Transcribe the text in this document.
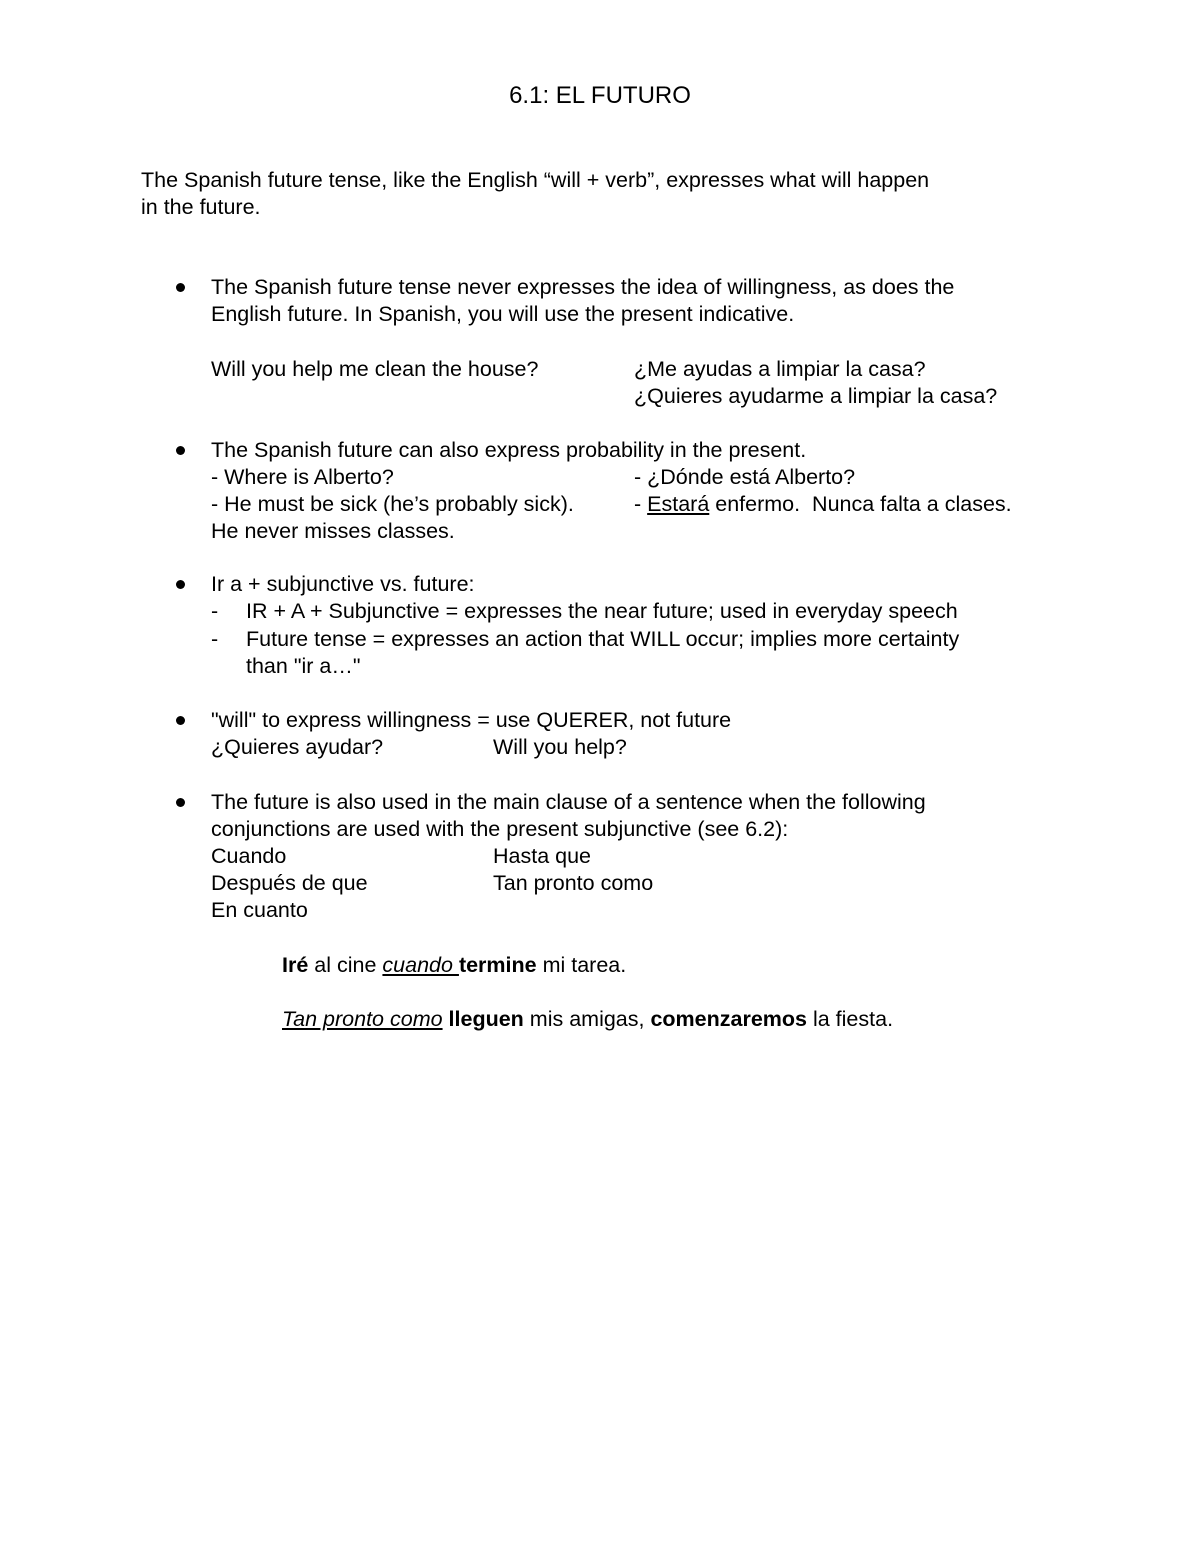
6.1: EL FUTURO
The Spanish future tense, like the English “will + verb”, expresses what will happen
in the future.
The Spanish future tense never expresses the idea of willingness, as does the
English future. In Spanish, you will use the present indicative.
Will you help me clean the house?	¿Me ayudas a limpiar la casa?
¿Quieres ayudarme a limpiar la casa?
The Spanish future can also express probability in the present.
- Where is Alberto?	- ¿Dónde está Alberto?
- He must be sick (he’s probably sick).	- Estará enfermo.  Nunca falta a clases.
He never misses classes.
Ir a + subjunctive vs. future:
- IR + A + Subjunctive = expresses the near future; used in everyday speech
- Future tense = expresses an action that WILL occur; implies more certainty
than "ir a…"
"will" to express willingness = use QUERER, not future
¿Quieres ayudar?	Will you help?
The future is also used in the main clause of a sentence when the following
conjunctions are used with the present subjunctive (see 6.2):
Cuando	Hasta que
Después de que	Tan pronto como
En cuanto
Iré al cine cuando termine mi tarea.
Tan pronto como lleguen mis amigas, comenzaremos la fiesta.
